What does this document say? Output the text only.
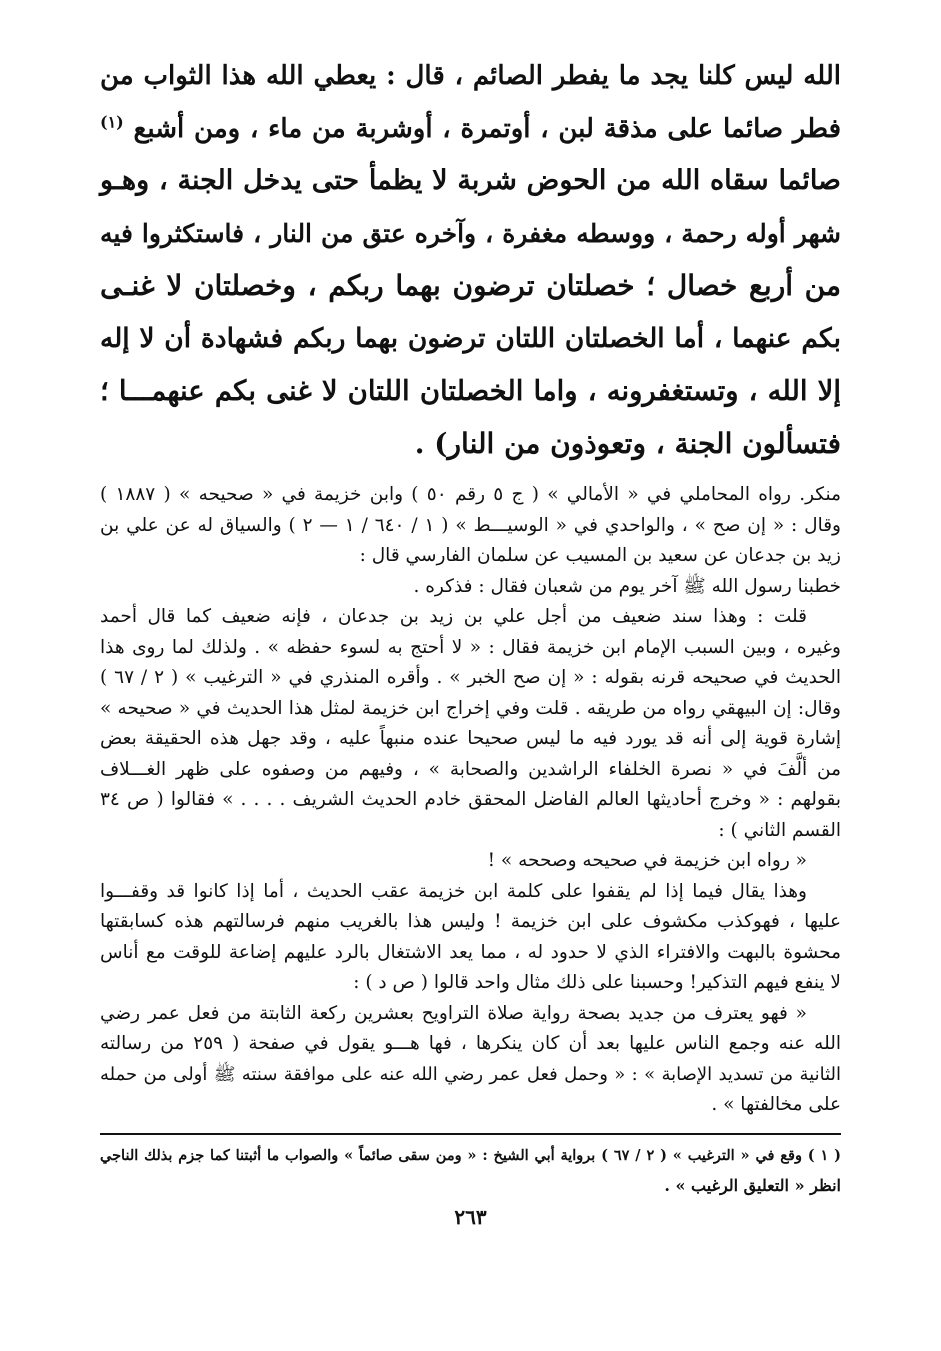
الله ليس كلنا يجد ما يفطر الصائم ، قال : يعطي الله هذا الثواب من
فطر صائما على مذقة لبن ، أوتمرة ، أوشربة من ماء ، ومن أشبع $^{(١)}$
صائما سقاه الله من الحوض شربة لا يظمأ حتى يدخل الجنة ، وهـو
شهر أوله رحمة ، ووسطه مغفرة ، وآخره عتق من النار ، فاستكثروا فيه
من أربع خصال ؛ خصلتان ترضون بهما ربكم ، وخصلتان لا غنـى
بكم عنهما ، أما الخصلتان اللتان ترضون بهما ربكم فشهادة أن لا إله
إلا الله ، وتستغفرونه ، واما الخصلتان اللتان لا غنى بكم عنهمـــا ؛
فتسألون الجنة ، وتعوذون من النار) .
منكر. رواه المحاملي في « الأمالي » ( ج ٥ رقم ٥٠ ) وابن خزيمة في « صحيحه » ( ١٨٨٧ )
وقال : « إن صح » ، والواحدي في « الوسيـــط » ( ١ / ٦٤٠ / ١ — ٢ ) والسياق له عن علي بن
زيد بن جدعان عن سعيد بن المسيب عن سلمان الفارسي قال :
خطبنا رسول الله ﷺ آخر يوم من شعبان فقال : فذكره .
قلت : وهذا سند ضعيف من أجل علي بن زيد بن جدعان ، فإنه ضعيف كما قال أحمد
وغيره ، وبين السبب الإمام ابن خزيمة فقال : « لا أحتج به لسوء حفظه » . ولذلك لما روى هذا
الحديث في صحيحه قرنه بقوله : « إن صح الخبر » . وأقره المنذري في « الترغيب » ( ٢ / ٦٧ )
وقال: إن البيهقي رواه من طريقه . قلت وفي إخراج ابن خزيمة لمثل هذا الحديث في « صحيحه »
إشارة قوية إلى أنه قد يورد فيه ما ليس صحيحا عنده منبهاً عليه ، وقد جهل هذه الحقيقة بعض
من ألَّفَ في « نصرة الخلفاء الراشدين والصحابة » ، وفيهم من وصفوه على ظهر الغـــلاف
بقولهم : « وخرج أحاديثها العالم الفاضل المحقق خادم الحديث الشريف . . . . » فقالوا ( ص ٣٤
القسم الثاني ) :
« رواه ابن خزيمة في صحيحه وصححه » !
وهذا يقال فيما إذا لم يقفوا على كلمة ابن خزيمة عقب الحديث ، أما إذا كانوا قد وقفـــوا
عليها ، فهوكذب مكشوف على ابن خزيمة ! وليس هذا بالغريب منهم فرسالتهم هذه كسابقتها
محشوة بالبهت والافتراء الذي لا حدود له ، مما يعد الاشتغال بالرد عليهم إضاعة للوقت مع أناس
لا ينفع فيهم التذكير! وحسبنا على ذلك مثال واحد قالوا ( ص د ) :
« فهو يعترف من جديد بصحة رواية صلاة التراويح بعشرين ركعة الثابتة من فعل عمر رضي
الله عنه وجمع الناس عليها بعد أن كان ينكرها ، فها هـــو يقول في صفحة ( ٢٥٩ من رسالته
الثانية من تسديد الإصابة » : « وحمل فعل عمر رضي الله عنه على موافقة سنته ﷺ أولى من حمله
على مخالفتها » .
( ١ ) وقع في « الترغيب » ( ٢ / ٦٧ ) برواية أبي الشيخ : « ومن سقى صائماً » والصواب ما أثبتنا كما جزم بذلك الناجي
انظر « التعليق الرغيب » .
٢٦٣
